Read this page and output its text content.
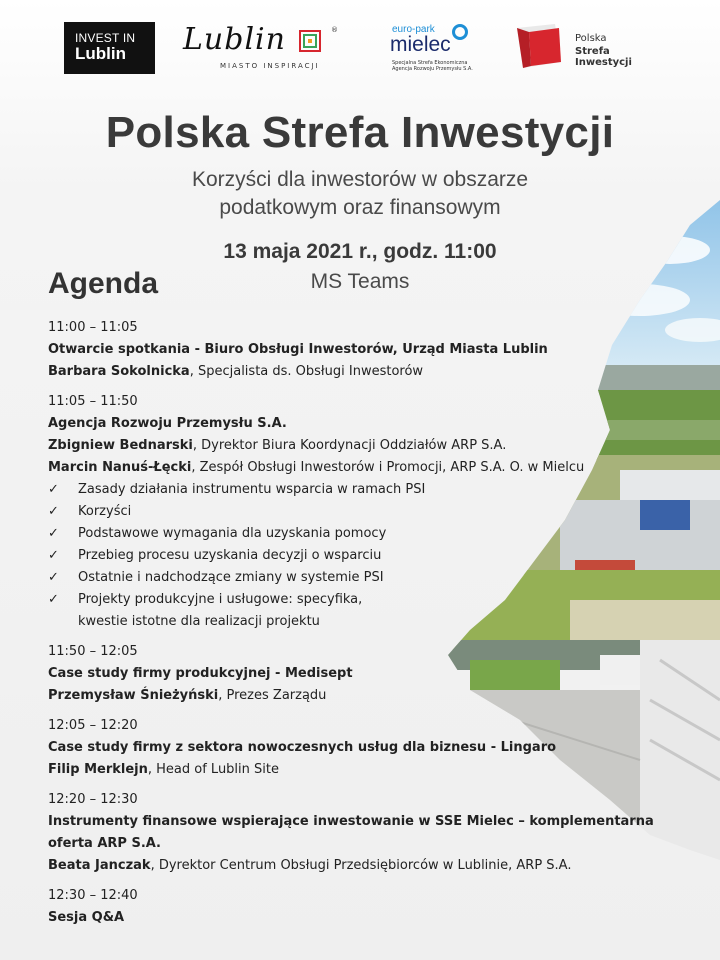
INVEST IN
Lublin Lublin	®
MIASTO INSPIRACJI
euro-park
mielec
Specjalna Strefa Ekonomiczna
Agencja Rozwoju Przemysłu S.A.
Polska
Strefa Inwestycji
Polska Strefa Inwestycji
Korzyści dla inwestorów w obszarze
podatkowym oraz finansowym
13 maja 2021 r., godz. 11:00
MS Teams
Agenda
11:00 – 11:05
Otwarcie spotkania - Biuro Obsługi Inwestorów, Urząd Miasta Lublin
Barbara Sokolnicka, Specjalista ds. Obsługi Inwestorów
11:05 – 11:50
Agencja Rozwoju Przemysłu S.A.
Zbigniew Bednarski, Dyrektor Biura Koordynacji Oddziałów ARP S.A.
Marcin Nanuś-Łęcki, Zespół Obsługi Inwestorów i Promocji, ARP S.A. O. w Mielcu
✓ Zasady działania instrumentu wsparcia w ramach PSI
✓ Korzyści
✓ Podstawowe wymagania dla uzyskania pomocy
✓ Przebieg procesu uzyskania decyzji o wsparciu
✓ Ostatnie i nadchodzące zmiany w systemie PSI
✓ Projekty produkcyjne i usługowe: specyfika,
kwestie istotne dla realizacji projektu
11:50 – 12:05
Case study firmy produkcyjnej - Medisept
Przemysław Śnieżyński, Prezes Zarządu
12:05 – 12:20
Case study firmy z sektora nowoczesnych usług dla biznesu - Lingaro
Filip Merklejn, Head of Lublin Site
12:20 – 12:30
Instrumenty finansowe wspierające inwestowanie w SSE Mielec – komplementarna
oferta ARP S.A.
Beata Janczak, Dyrektor Centrum Obsługi Przedsiębiorców w Lublinie, ARP S.A.
12:30 – 12:40
Sesja Q&A
